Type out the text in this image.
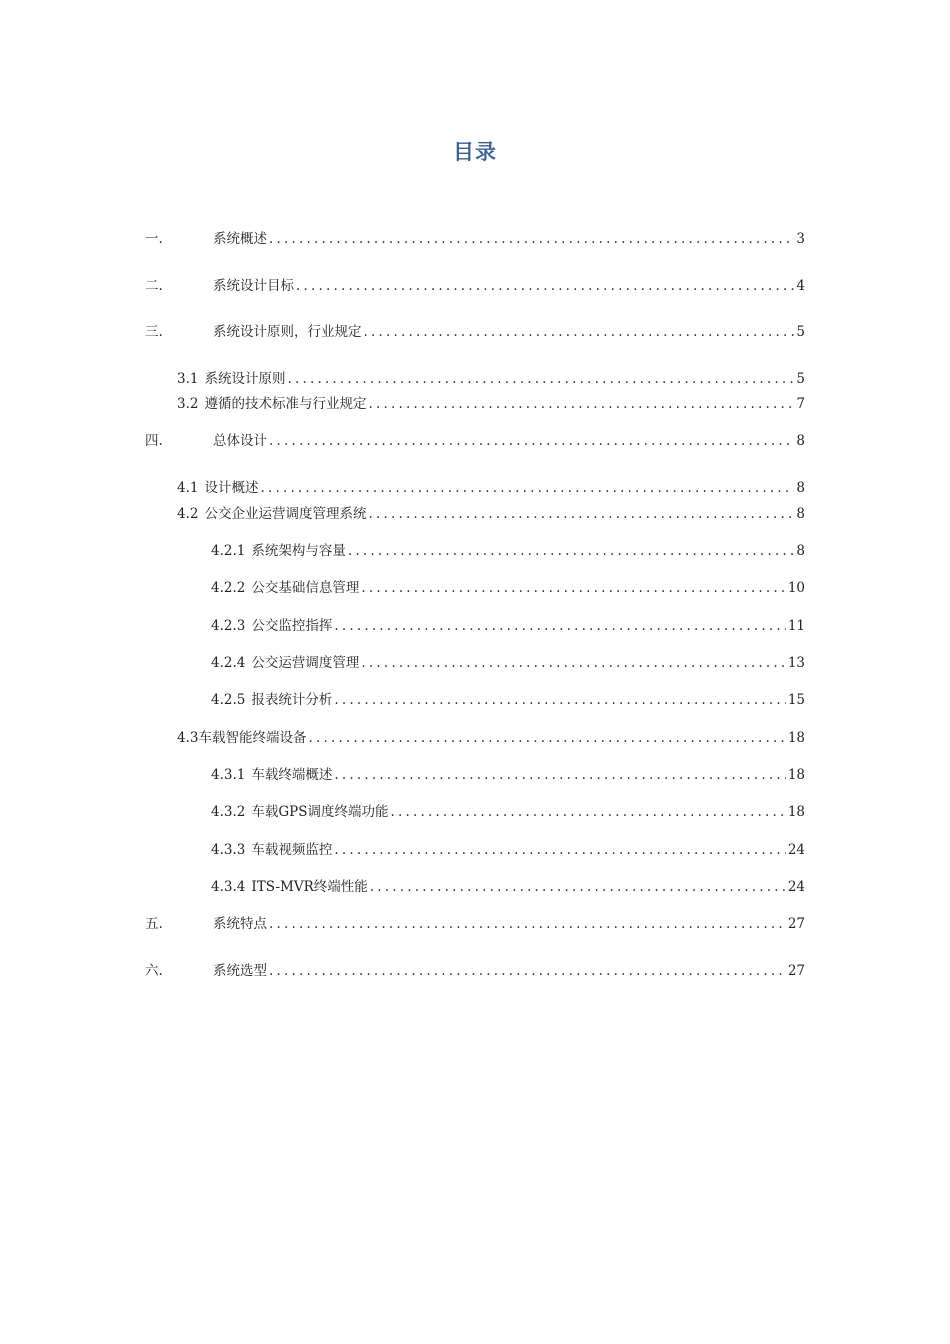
目录
一.	系统概述 .....	3
二.	系统设计目标 .....	4
三.	系统设计原则，行业规定 .....	5
3.1 系统设计原则 .....	5
3.2 遵循的技术标准与行业规定 .....	7
四.	总体设计 .....	8
4.1 设计概述 .....	8
4.2 公交企业运营调度管理系统 .....	8
4.2.1 系统架构与容量 .....	8
4.2.2 公交基础信息管理 .....	10
4.2.3 公交监控指挥 .....	11
4.2.4 公交运营调度管理 .....	13
4.2.5 报表统计分析 .....	15
4.3 车载智能终端设备 .....	18
4.3.1 车载终端概述 .....	18
4.3.2 车载GPS调度终端功能 .....	18
4.3.3 车载视频监控 .....	24
4.3.4 ITS-MVR终端性能 .....	24
五.	系统特点 .....	27
六.	系统选型 .....	27
